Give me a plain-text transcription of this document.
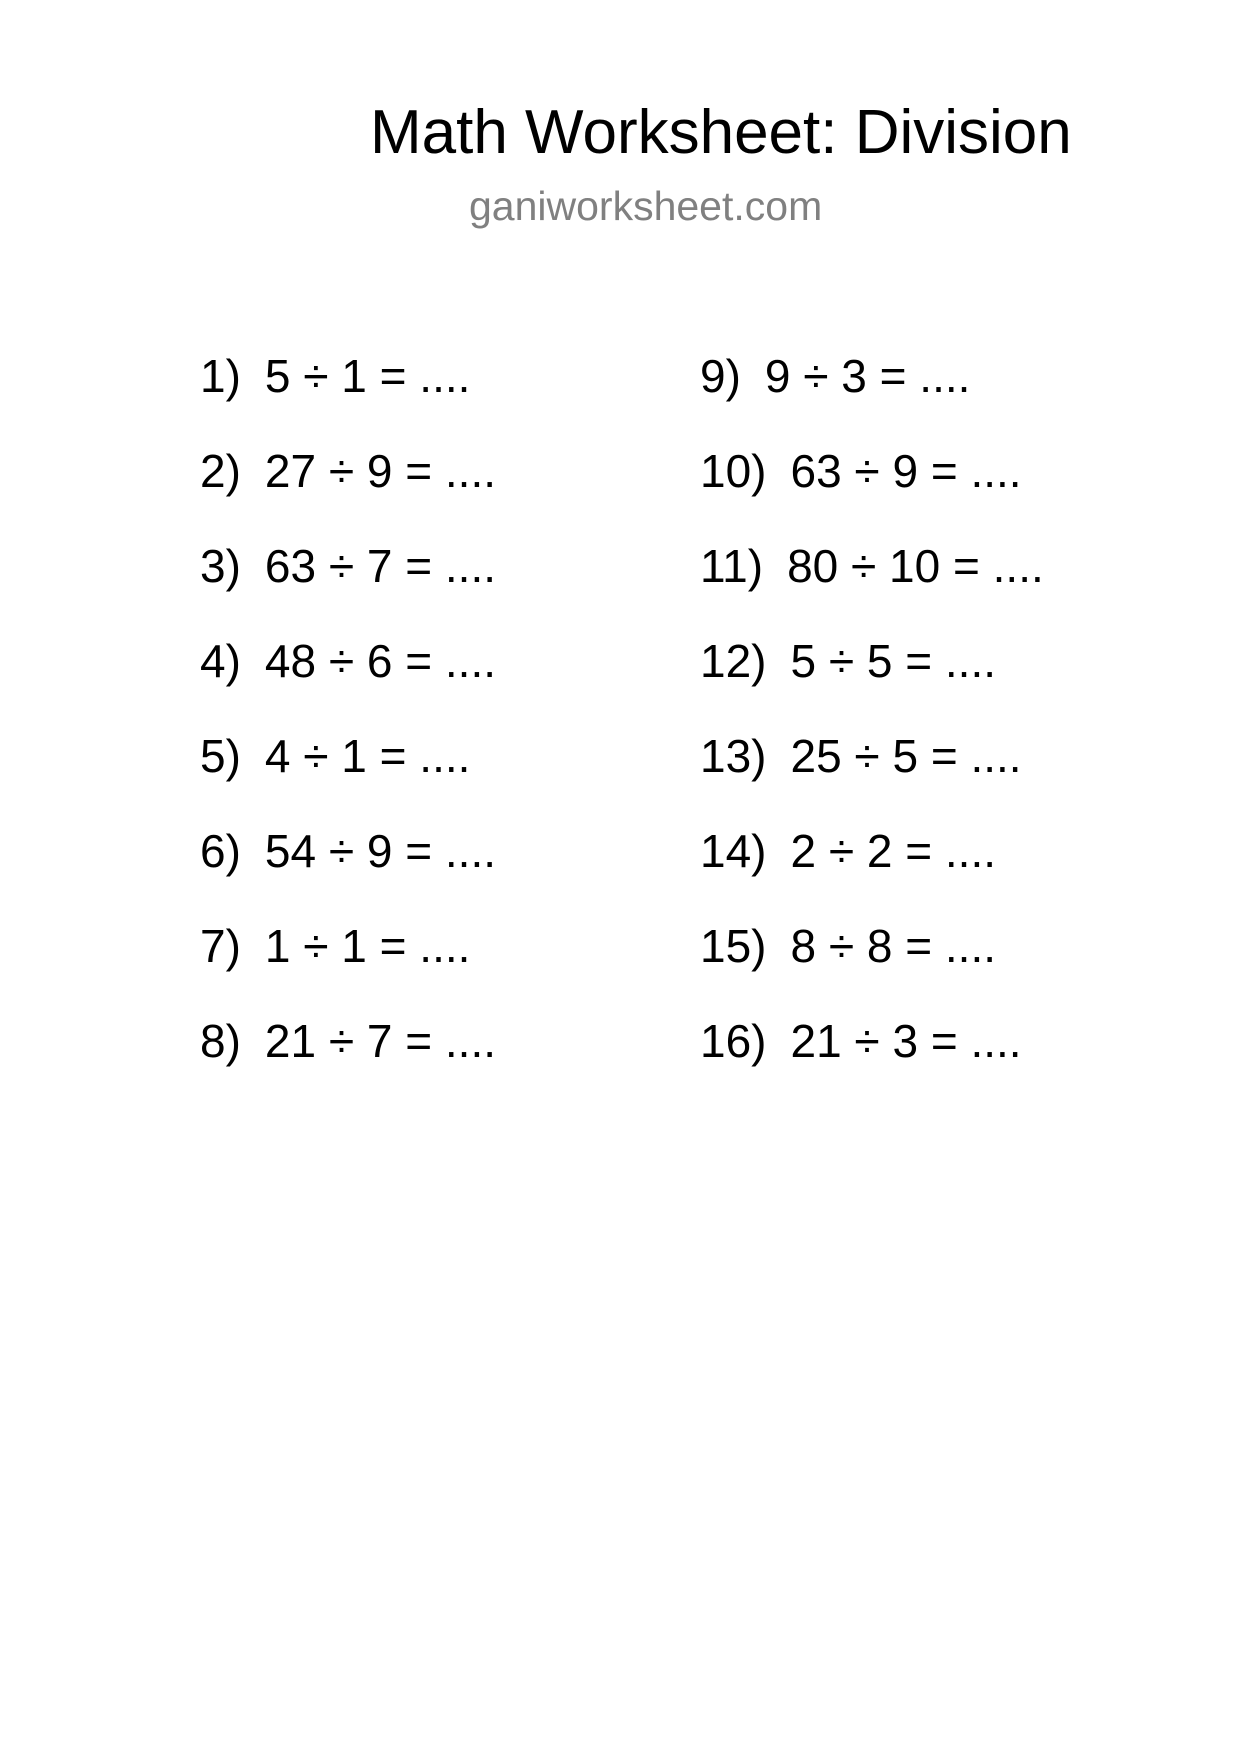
Math Worksheet: Division
ganiworksheet.com
1) 5 ÷ 1 = ....
2) 27 ÷ 9 = ....
3) 63 ÷ 7 = ....
4) 48 ÷ 6 = ....
5) 4 ÷ 1 = ....
6) 54 ÷ 9 = ....
7) 1 ÷ 1 = ....
8) 21 ÷ 7 = ....
9) 9 ÷ 3 = ....
10) 63 ÷ 9 = ....
11) 80 ÷ 10 = ....
12) 5 ÷ 5 = ....
13) 25 ÷ 5 = ....
14) 2 ÷ 2 = ....
15) 8 ÷ 8 = ....
16) 21 ÷ 3 = ....
